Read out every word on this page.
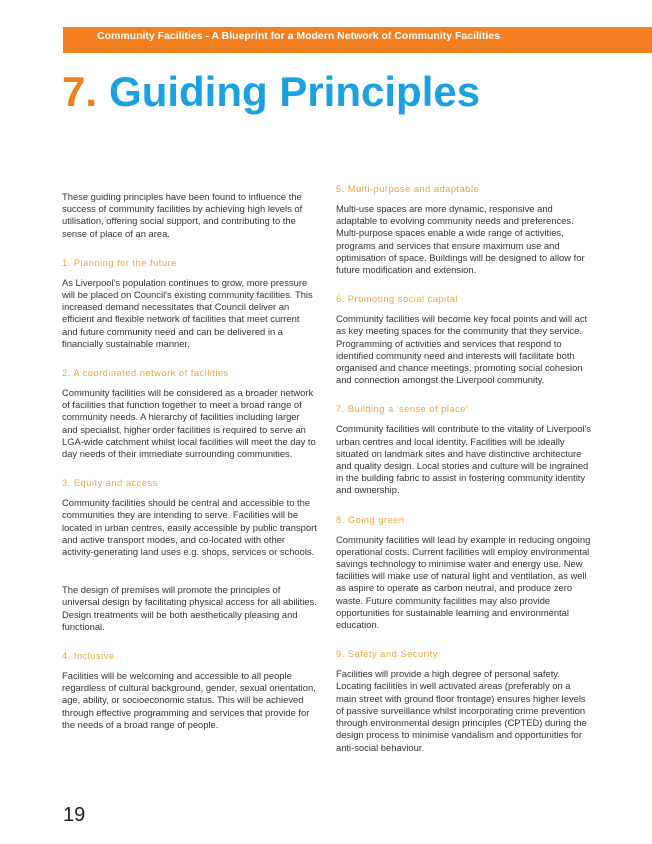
Community Facilities - A Blueprint for a Modern Network of Community Facilities
7. Guiding Principles

These guiding principles have been found to influence the success of community facilities by achieving high levels of utilisation, offering social support, and contributing to the sense of place of an area.

1. Planning for the future

As Liverpool's population continues to grow, more pressure will be placed on Council's existing community facilities. This increased demand necessitates that Council deliver an efficient and flexible network of facilities that meet current and future community need and can be delivered in a financially sustainable manner.

2. A coordinated network of facilities

Community facilities will be considered as a broader network of facilities that function together to meet a broad range of community needs. A hierarchy of facilities including larger and specialist, higher order facilities is required to serve an LGA-wide catchment whilst local facilities will meet the day to day needs of their immediate surrounding communities.

3. Equity and access

Community facilities should be central and accessible to the communities they are intending to serve. Facilities will be located in urban centres, easily accessible by public transport and active transport modes, and co-located with other activity-generating land uses e.g. shops, services or schools.

The design of premises will promote the principles of universal design by facilitating physical access for all abilities. Design treatments will be both aesthetically pleasing and functional.

4. Inclusive

Facilities will be welcoming and accessible to all people regardless of cultural background, gender, sexual orientation, age, ability, or socioeconomic status. This will be achieved through effective programming and services that provide for the needs of a broad range of people.

5. Multi-purpose and adaptable

Multi-use spaces are more dynamic, responsive and adaptable to evolving community needs and preferences. Multi-purpose spaces enable a wide range of activities, programs and services that ensure maximum use and optimisation of space. Buildings will be designed to allow for future modification and extension.

6. Promoting social capital

Community facilities will become key focal points and will act as key meeting spaces for the community that they service. Programming of activities and services that respond to identified community need and interests will facilitate both organised and chance meetings, promoting social cohesion and connection amongst the Liverpool community.

7. Building a 'sense of place'

Community facilities will contribute to the vitality of Liverpool's urban centres and local identity. Facilities will be ideally situated on landmark sites and have distinctive architecture and quality design. Local stories and culture will be ingrained in the building fabric to assist in fostering community identity and ownership.

8. Going green

Community facilities will lead by example in reducing ongoing operational costs. Current facilities will employ environmental savings technology to minimise water and energy use. New facilities will make use of natural light and ventilation, as well as aspire to operate as carbon neutral, and produce zero waste. Future community facilities may also provide opportunities for sustainable learning and environmental education.

9. Safety and Security

Facilities will provide a high degree of personal safety. Locating facilities in well activated areas (preferably on a main street with ground floor frontage) ensures higher levels of passive surveillance whilst incorporating crime prevention through environmental design principles (CPTED) during the design process to minimise vandalism and opportunities for anti-social behaviour.

19
